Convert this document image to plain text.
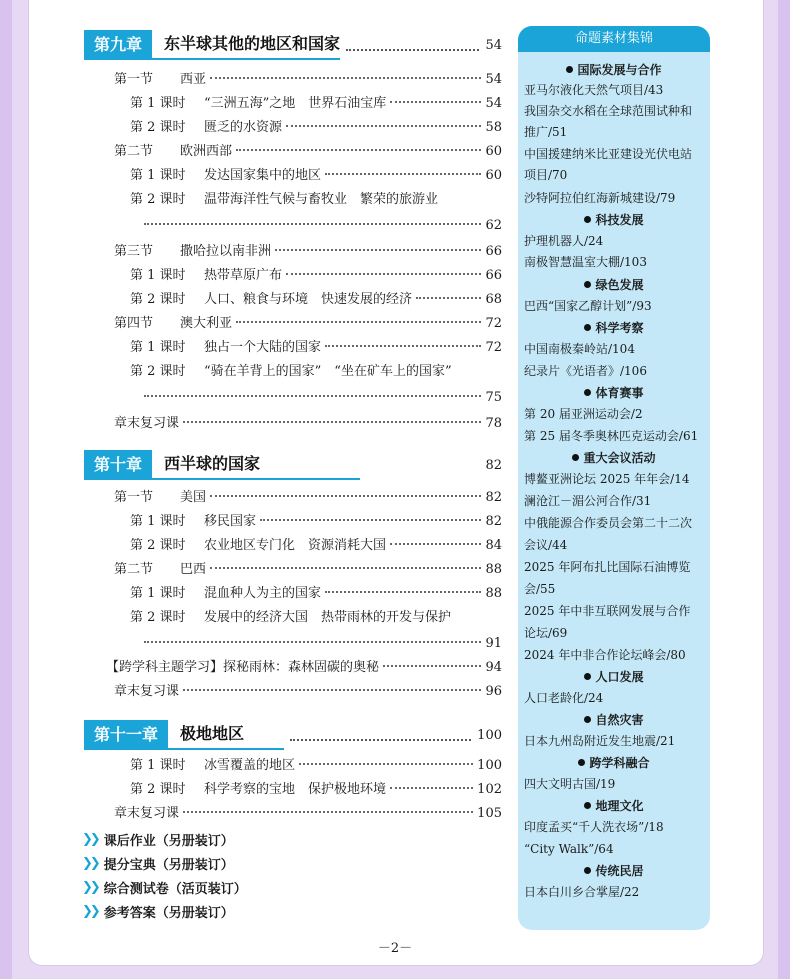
第九章	东半球其他的地区和国家	54
第一节 西亚	54
第 1 课时 “三洲五海”之地　世界石油宝库	54
第 2 课时 匮乏的水资源	58
第二节 欧洲西部	60
第 1 课时 发达国家集中的地区	60
第 2 课时 温带海洋性气候与畜牧业　繁荣的旅游业
62
第三节 撒哈拉以南非洲	66
第 1 课时 热带草原广布	66
第 2 课时 人口、粮食与环境　快速发展的经济	68
第四节 澳大利亚	72
第 1 课时 独占一个大陆的国家	72
第 2 课时 “骑在羊背上的国家”　“坐在矿车上的国家”
75
章末复习课	78
第十章	西半球的国家	82
第一节 美国	82
第 1 课时 移民国家	82
第 2 课时 农业地区专门化　资源消耗大国	84
第二节 巴西	88
第 1 课时 混血种人为主的国家	88
第 2 课时 发展中的经济大国　热带雨林的开发与保护
91
【跨学科主题学习】探秘雨林：森林固碳的奥秘	94
章末复习课	96
第十一章	极地地区	100
第 1 课时 冰雪覆盖的地区	100
第 2 课时 科学考察的宝地　保护极地环境	102
章末复习课	105
❯❯ 课后作业（另册装订）
❯❯ 提分宝典（另册装订）
❯❯ 综合测试卷（活页装订）
❯❯ 参考答案（另册装订）
命题素材集锦
国际发展与合作
亚马尔液化天然气项目/43
我国杂交水稻在全球范围试种和
推广/51
中国援建纳米比亚建设光伏电站
项目/70
沙特阿拉伯红海新城建设/79
科技发展
护理机器人/24
南极智慧温室大棚/103
绿色发展
巴西“国家乙醇计划”/93
科学考察
中国南极秦岭站/104
纪录片《光语者》/106
体育赛事
第 20 届亚洲运动会/2
第 25 届冬季奥林匹克运动会/61
重大会议活动
博鳌亚洲论坛 2025 年年会/14
澜沧江－湄公河合作/31
中俄能源合作委员会第二十二次
会议/44
2025 年阿布扎比国际石油博览
会/55
2025 年中非互联网发展与合作
论坛/69
2024 年中非合作论坛峰会/80
人口发展
人口老龄化/24
自然灾害
日本九州岛附近发生地震/21
跨学科融合
四大文明古国/19
地理文化
印度孟买“千人洗衣场”/18
“City Walk”/64
传统民居
日本白川乡合掌屋/22
－2－
